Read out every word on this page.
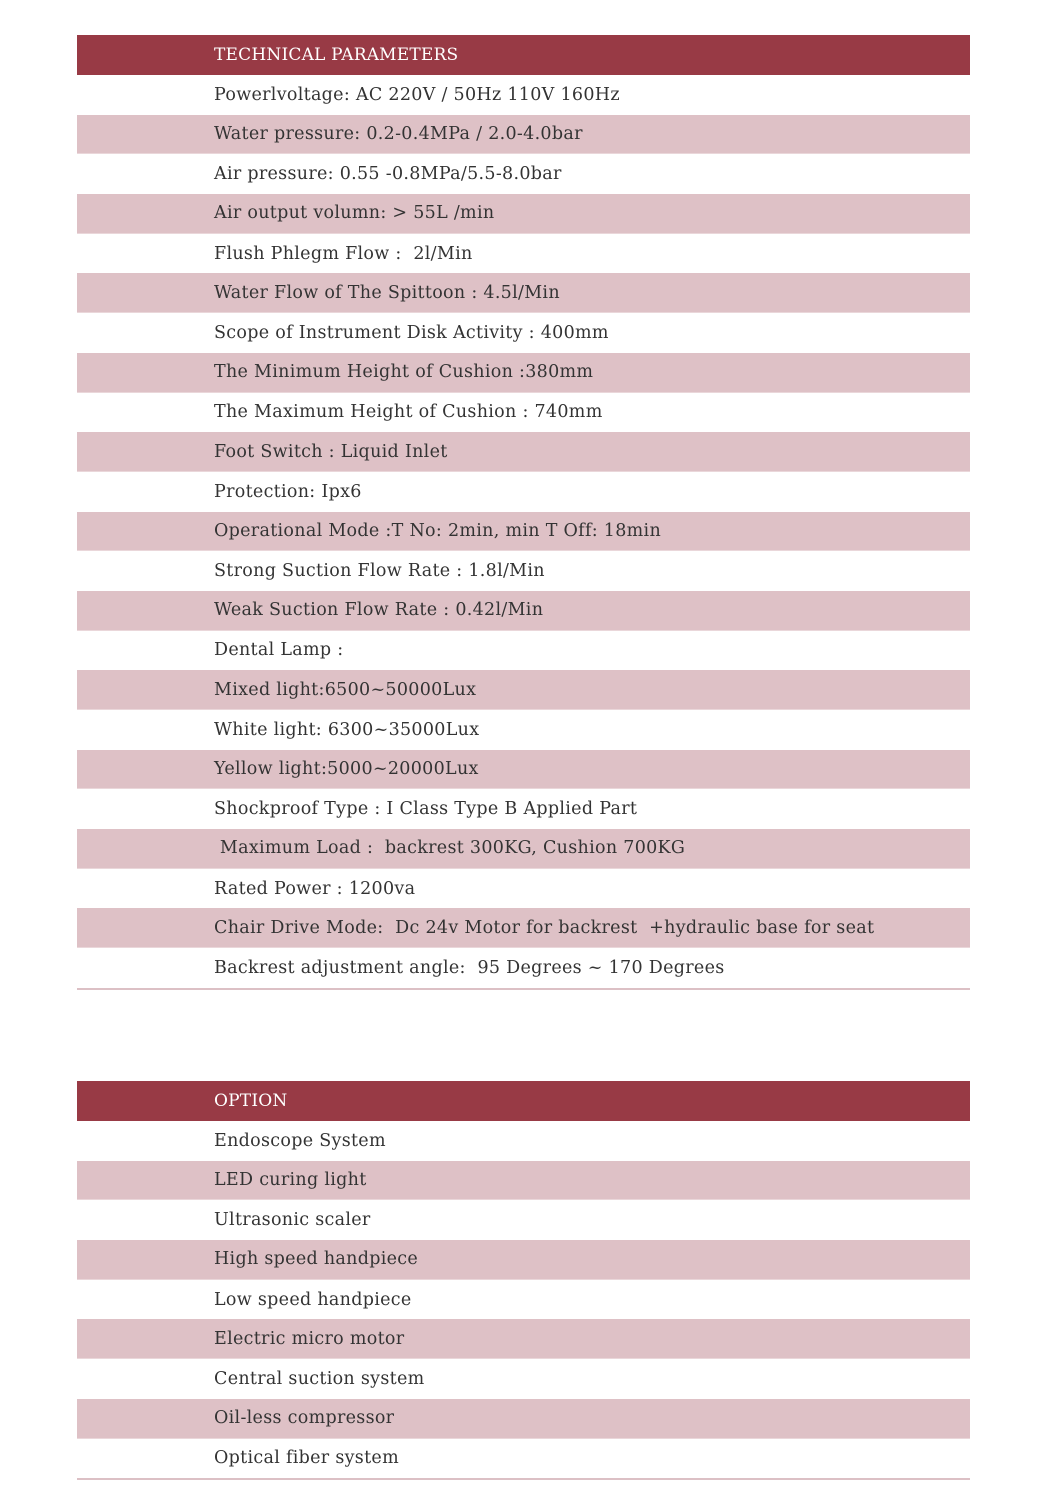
TECHNICAL PARAMETERS
Powerlvoltage: AC 220V / 50Hz 110V 160Hz
Water pressure: 0.2-0.4MPa / 2.0-4.0bar
Air pressure: 0.55 -0.8MPa/5.5-8.0bar
Air output volumn: > 55L /min
Flush Phlegm Flow :  2l/Min
Water Flow of The Spittoon : 4.5l/Min
Scope of Instrument Disk Activity : 400mm
The Minimum Height of Cushion :380mm
The Maximum Height of Cushion : 740mm
Foot Switch : Liquid Inlet
Protection: Ipx6
Operational Mode :T No: 2min, min T Off: 18min
Strong Suction Flow Rate : 1.8l/Min
Weak Suction Flow Rate : 0.42l/Min
Dental Lamp :
Mixed light:6500~50000Lux
White light: 6300~35000Lux
Yellow light:5000~20000Lux
Shockproof Type : I Class Type B Applied Part
Maximum Load :  backrest 300KG, Cushion 700KG
Rated Power : 1200va
Chair Drive Mode:  Dc 24v Motor for backrest  +hydraulic base for seat
Backrest adjustment angle:  95 Degrees ~ 170 Degrees
OPTION
Endoscope System
LED curing light
Ultrasonic scaler
High speed handpiece
Low speed handpiece
Electric micro motor
Central suction system
Oil-less compressor
Optical fiber system
